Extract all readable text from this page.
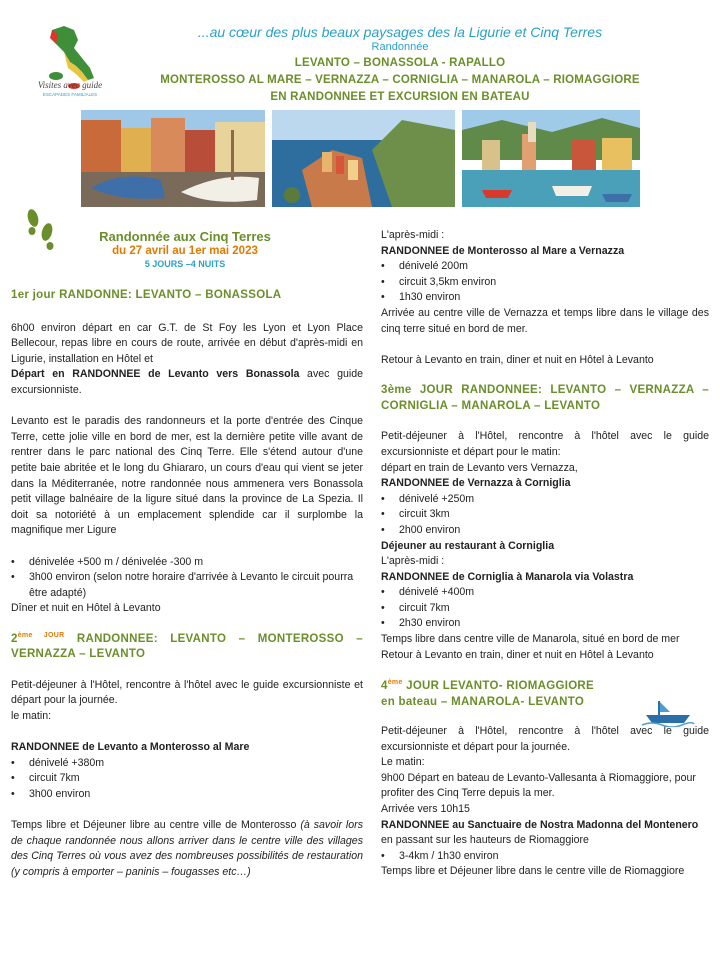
Visites avec guide
ESCAPADES FAMILIALES
...au cœur des plus beaux paysages des la Ligurie et Cinq Terres
Randonnée
LEVANTO – BONASSOLA - RAPALLO
MONTEROSSO AL MARE – VERNAZZA – CORNIGLIA – MANAROLA – RIOMAGGIORE
EN RANDONNEE ET EXCURSION EN BATEAU
Randonnée aux Cinq Terres
du 27 avril au 1er mai 2023
5 JOURS –4 NUITS
1er jour RANDONNE: LEVANTO – BONASSOLA
6h00 environ départ en car G.T. de St Foy les Lyon et Lyon Place Bellecour, repas libre en cours de route, arrivée en début d'après-midi en Ligurie, installation en Hôtel et
Départ en RANDONNEE de Levanto vers Bonassola avec guide excursionniste.
Levanto est le paradis des randonneurs et la porte d'entrée des Cinque Terre, cette jolie ville en bord de mer, est la dernière petite ville avant de rentrer dans le parc national des Cinq Terre. Elle s'étend autour d'une petite baie abritée et le long du Ghiararo, un cours d'eau qui vient se jeter dans la Méditerranée, notre randonnée nous ammenera vers Bonassola petit village balnéaire de la ligure situé dans la province de La Spezia. Il doit sa notoriété à un emplacement splendide car il surplombe la magnifique mer Ligure
• dénivelée +500 m / dénivelée -300 m
• 3h00 environ (selon notre horaire d'arrivée à Levanto le circuit pourra être adapté)
Dîner et nuit en Hôtel à Levanto
$2^{ème JOUR}$ RANDONNEE: LEVANTO – MONTEROSSO – VERNAZZA – LEVANTO
Petit-déjeuner à l'Hôtel, rencontre à l'hôtel avec le guide excursionniste et départ pour la journée.
le matin:
RANDONNEE de Levanto a Monterosso al Mare
• dénivelé +380m
• circuit 7km
• 3h00 environ
Temps libre et Déjeuner libre au centre ville de Monterosso (à savoir lors de chaque randonnée nous allons arriver dans le centre ville des villages des Cinq Terres où vous avez des nombreuses possibilités de restauration (y compris à emporter – paninis – fougasses etc…)
L'après-midi :
RANDONNEE de Monterosso al Mare a Vernazza
• dénivelé 200m
• circuit 3,5km environ
• 1h30 environ
Arrivée au centre ville de Vernazza et temps libre dans le village des cinq terre situé en bord de mer.
Retour à Levanto en train, diner et nuit en Hôtel à Levanto
3ème JOUR RANDONNEE: LEVANTO – VERNAZZA – CORNIGLIA – MANAROLA – LEVANTO
Petit-déjeuner à l'Hôtel, rencontre à l'hôtel avec le guide excursionniste et départ pour le matin:
départ en train de Levanto vers Vernazza,
RANDONNEE de Vernazza à Corniglia
• dénivelé +250m
• circuit 3km
• 2h00 environ
Déjeuner au restaurant à Corniglia
L'après-midi :
RANDONNEE de Corniglia à Manarola via Volastra
• dénivelé +400m
• circuit 7km
• 2h30 environ
Temps libre dans centre ville de Manarola, situé en bord de mer
Retour à Levanto en train, diner et nuit en Hôtel à Levanto
4ème JOUR LEVANTO- RIOMAGGIORE
en bateau – MANAROLA- LEVANTO
Petit-déjeuner à l'Hôtel, rencontre à l'hôtel avec le guide excursionniste et départ pour la journée.
Le matin:
9h00 Départ en bateau de Levanto-Vallesanta à Riomaggiore, pour profiter des Cinq Terre depuis la mer.
Arrivée vers 10h15
RANDONNEE au Sanctuaire de Nostra Madonna del Montenero en passant sur les hauteurs de Riomaggiore
• 3-4km / 1h30 environ
Temps libre et Déjeuner libre dans le centre ville de Riomaggiore
